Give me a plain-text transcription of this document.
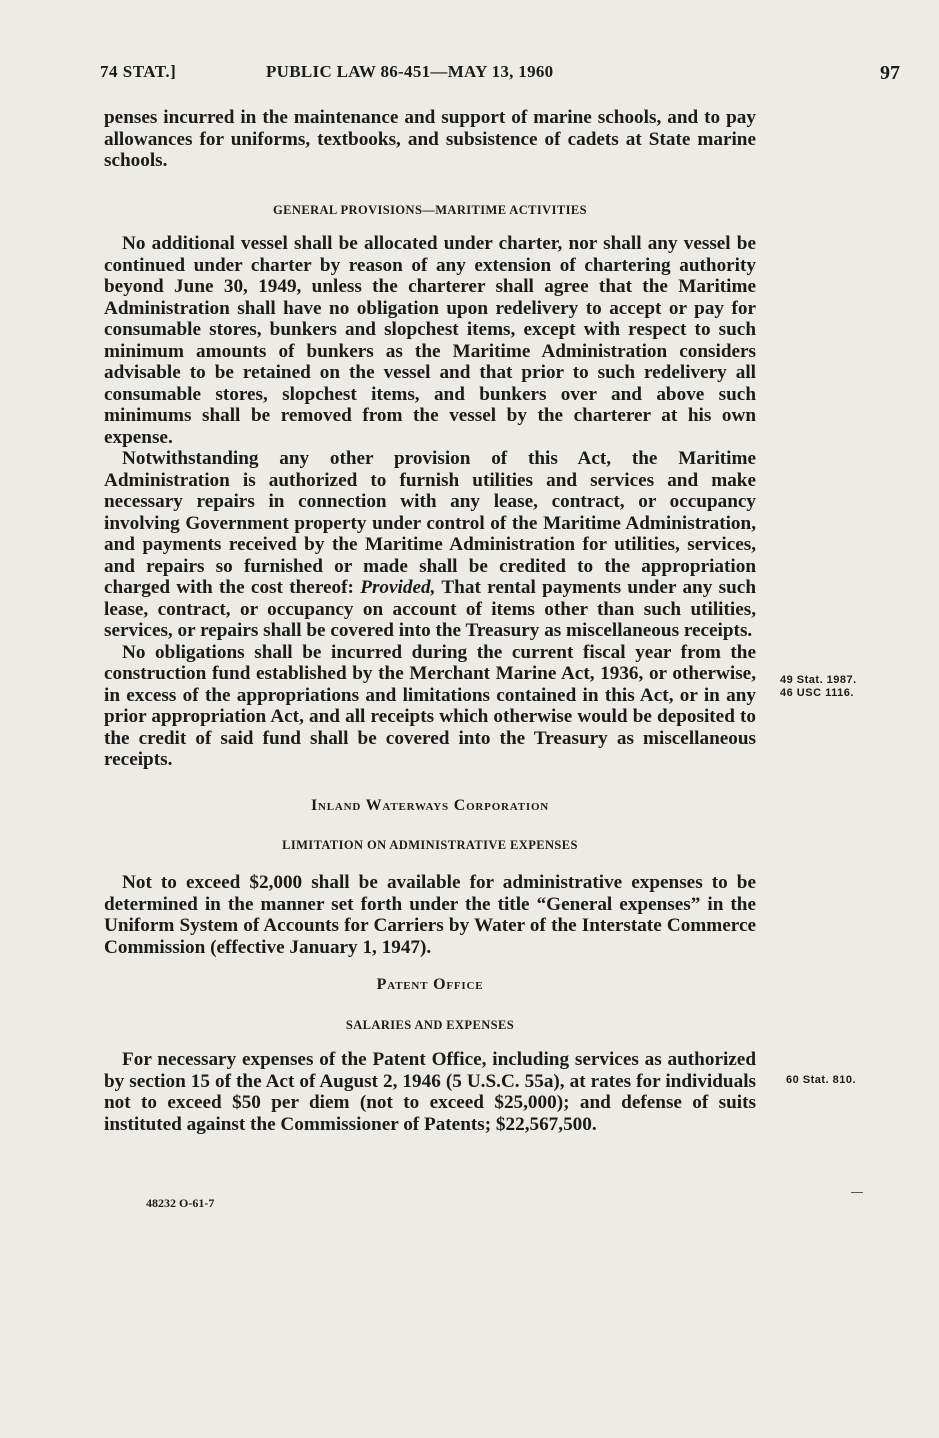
74 STAT.]	PUBLIC LAW 86-451—MAY 13, 1960	97

penses incurred in the maintenance and support of marine schools, and to pay allowances for uniforms, textbooks, and subsistence of cadets at State marine schools.

GENERAL PROVISIONS—MARITIME ACTIVITIES

No additional vessel shall be allocated under charter, nor shall any vessel be continued under charter by reason of any extension of chartering authority beyond June 30, 1949, unless the charterer shall agree that the Maritime Administration shall have no obligation upon redelivery to accept or pay for consumable stores, bunkers and slopchest items, except with respect to such minimum amounts of bunkers as the Maritime Administration considers advisable to be retained on the vessel and that prior to such redelivery all consumable stores, slopchest items, and bunkers over and above such minimums shall be removed from the vessel by the charterer at his own expense.

Notwithstanding any other provision of this Act, the Maritime Administration is authorized to furnish utilities and services and make necessary repairs in connection with any lease, contract, or occupancy involving Government property under control of the Maritime Administration, and payments received by the Maritime Administration for utilities, services, and repairs so furnished or made shall be credited to the appropriation charged with the cost thereof: Provided, That rental payments under any such lease, contract, or occupancy on account of items other than such utilities, services, or repairs shall be covered into the Treasury as miscellaneous receipts.

No obligations shall be incurred during the current fiscal year from the construction fund established by the Merchant Marine Act, 1936, or otherwise, in excess of the appropriations and limitations contained in this Act, or in any prior appropriation Act, and all receipts which otherwise would be deposited to the credit of said fund shall be covered into the Treasury as miscellaneous receipts.

49 Stat. 1987.
46 USC 1116.
Inland Waterways Corporation
LIMITATION ON ADMINISTRATIVE EXPENSES

Not to exceed $2,000 shall be available for administrative expenses to be determined in the manner set forth under the title “General expenses” in the Uniform System of Accounts for Carriers by Water of the Interstate Commerce Commission (effective January 1, 1947).

Patent Office
SALARIES AND EXPENSES

For necessary expenses of the Patent Office, including services as authorized by section 15 of the Act of August 2, 1946 (5 U.S.C. 55a), at rates for individuals not to exceed $50 per diem (not to exceed $25,000); and defense of suits instituted against the Commissioner of Patents; $22,567,500.

60 Stat. 810.
48232 O-61-7
